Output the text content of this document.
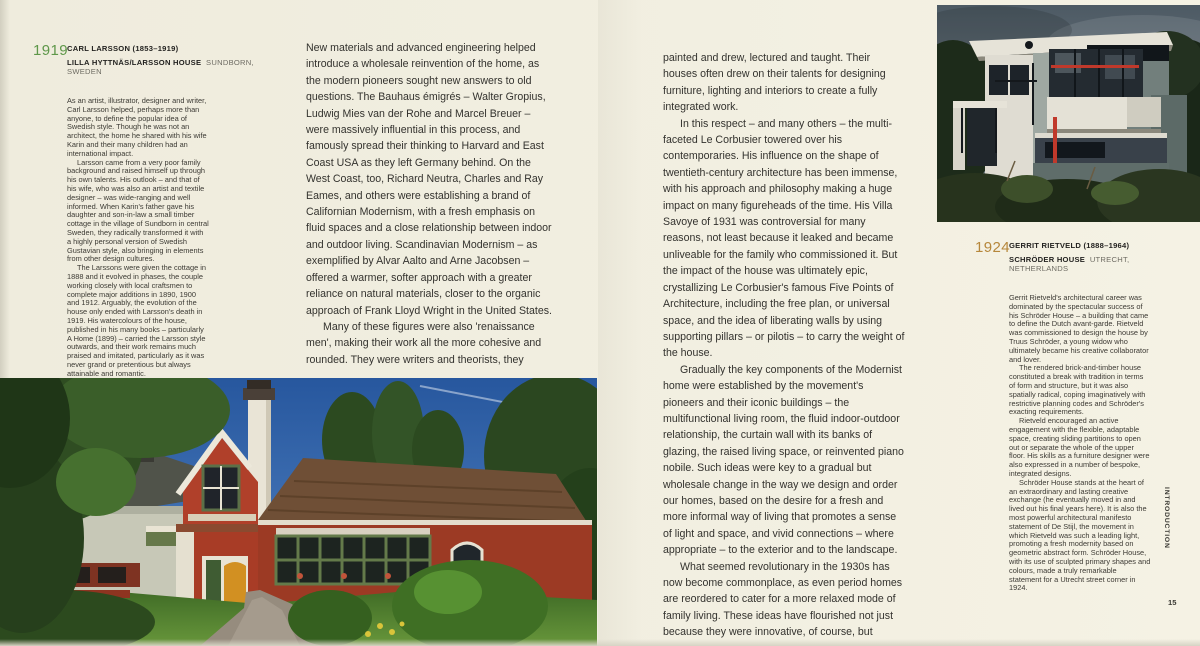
1919 CARL LARSSON (1853–1919)
LILLA HYTTNÄS/LARSSON HOUSE SUNDBORN, SWEDEN

As an artist, illustrator, designer and writer, Carl Larsson helped, perhaps more than anyone, to define the popular idea of Swedish style. Though he was not an architect, the home he shared with his wife Karin and their many children had an international impact.

Larsson came from a very poor family background and raised himself up through his own talents. His outlook – and that of his wife, who was also an artist and textile designer – was wide-ranging and well informed. When Karin's father gave his daughter and son-in-law a small timber cottage in the village of Sundborn in central Sweden, they radically transformed it with a highly personal version of Swedish Gustavian style, also bringing in elements from other design cultures.

The Larssons were given the cottage in 1888 and it evolved in phases, the couple working closely with local craftsmen to complete major additions in 1890, 1900 and 1912. Arguably, the evolution of the house only ended with Larsson's death in 1919. His watercolours of the house, published in his many books – particularly A Home (1899) – carried the Larsson style outwards, and their work remains much praised and imitated, particularly as it was never grand or pretentious but always attainable and romantic.

New materials and advanced engineering helped introduce a wholesale reinvention of the home, as the modern pioneers sought new answers to old questions. The Bauhaus émigrés – Walter Gropius, Ludwig Mies van der Rohe and Marcel Breuer – were massively influential in this process, and famously spread their thinking to Harvard and East Coast USA as they left Germany behind. On the West Coast, too, Richard Neutra, Charles and Ray Eames, and others were establishing a brand of Californian Modernism, with a fresh emphasis on fluid spaces and a close relationship between indoor and outdoor living. Scandinavian Modernism – as exemplified by Alvar Aalto and Arne Jacobsen – offered a warmer, softer approach with a greater reliance on natural materials, closer to the organic approach of Frank Lloyd Wright in the United States.

Many of these figures were also 'renaissance men', making their work all the more cohesive and rounded. They were writers and theorists, they

painted and drew, lectured and taught. Their houses often drew on their talents for designing furniture, lighting and interiors to create a fully integrated work.

In this respect – and many others – the multi-faceted Le Corbusier towered over his contemporaries. His influence on the shape of twentieth-century architecture has been immense, with his approach and philosophy making a huge impact on many figureheads of the time. His Villa Savoye of 1931 was controversial for many reasons, not least because it leaked and became unliveable for the family who commissioned it. But the impact of the house was ultimately epic, crystallizing Le Corbusier's famous Five Points of Architecture, including the free plan, or universal space, and the idea of liberating walls by using supporting pillars – or pilotis – to carry the weight of the house.

Gradually the key components of the Modernist home were established by the movement's pioneers and their iconic buildings – the multifunctional living room, the fluid indoor-outdoor relationship, the curtain wall with its banks of glazing, the raised living space, or reinvented piano nobile. Such ideas were key to a gradual but wholesale change in the way we design and order our homes, based on the desire for a fresh and more informal way of living that promotes a sense of light and space, and vivid connections – where appropriate – to the exterior and to the landscape.

What seemed revolutionary in the 1930s has now become commonplace, as even period homes are reordered to cater for a more relaxed mode of family living. These ideas have flourished not just because they were innovative, of course, but

1924 GERRIT RIETVELD (1888–1964)
SCHRÖDER HOUSE UTRECHT, NETHERLANDS

Gerrit Rietveld's architectural career was dominated by the spectacular success of his Schröder House – a building that came to define the Dutch avant-garde. Rietveld was commissioned to design the house by Truus Schröder, a young widow who ultimately became his creative collaborator and lover.

The rendered brick-and-timber house constituted a break with tradition in terms of form and structure, but it was also spatially radical, coping imaginatively with restrictive planning codes and Schröder's exacting requirements.

Rietveld encouraged an active engagement with the flexible, adaptable space, creating sliding partitions to open out or separate the whole of the upper floor. His skills as a furniture designer were also expressed in a number of bespoke, integrated designs.

Schröder House stands at the heart of an extraordinary and lasting creative exchange (he eventually moved in and lived out his final years here). It is also the most powerful architectural manifesto statement of De Stijl, the movement in which Rietveld was such a leading light, promoting a fresh modernity based on geometric abstract form. Schröder House, with its use of sculpted primary shapes and colours, made a truly remarkable statement for a Utrecht street corner in 1924.

INTRODUCTION
15
